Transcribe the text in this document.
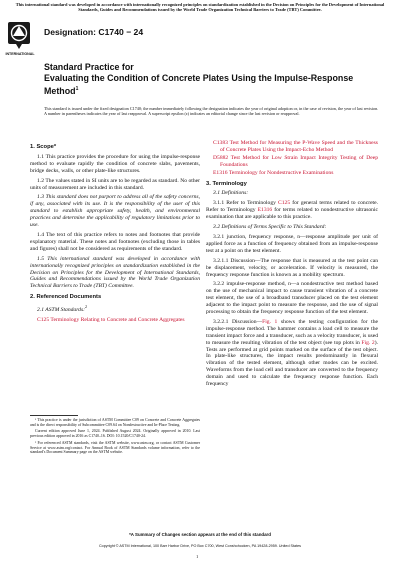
This international standard was developed in accordance with internationally recognized principles on standardization established in the Decision on Principles for the Development of International Standards, Guides and Recommendations issued by the World Trade Organization Technical Barriers to Trade (TBT) Committee.
INTERNATIONAL
Designation: C1740 − 24
Standard Practice for
Evaluating the Condition of Concrete Plates Using the Impulse-Response Method$^1$
This standard is issued under the fixed designation C1740; the number immediately following the designation indicates the year of original adoption or, in the case of revision, the year of last revision. A number in parentheses indicates the year of last reapproval. A superscript epsilon (ε) indicates an editorial change since the last revision or reapproval.
1. Scope*

1.1 This practice provides the procedure for using the impulse-response method to evaluate rapidly the condition of concrete slabs, pavements, bridge decks, walls, or other plate-like structures.

1.2 The values stated in SI units are to be regarded as standard. No other units of measurement are included in this standard.

1.3 This standard does not purport to address all of the safety concerns, if any, associated with its use. It is the responsibility of the user of this standard to establish appropriate safety, health, and environmental practices and determine the applicability of regulatory limitations prior to use.

1.4 The text of this practice refers to notes and footnotes that provide explanatory material. These notes and footnotes (excluding those in tables and figures) shall not be considered as requirements of the standard.

1.5 This international standard was developed in accordance with internationally recognized principles on standardization established in the Decision on Principles for the Development of International Standards, Guides and Recommendations issued by the World Trade Organization Technical Barriers to Trade (TBT) Committee.

2. Referenced Documents

2.1 ASTM Standards:$^2$

C125 Terminology Relating to Concrete and Concrete Aggregates

¹ This practice is under the jurisdiction of ASTM Committee C09 on Concrete and Concrete Aggregates and is the direct responsibility of Subcommittee C09.64 on Nondestructive and In-Place Testing.

Current edition approved June 1, 2024. Published August 2024. Originally approved in 2010. Last previous edition approved in 2016 as C1740–16. DOI: 10.1520/C1740-24.

² For referenced ASTM standards, visit the ASTM website, www.astm.org, or contact ASTM Customer Service at www.astm.org/contact. For Annual Book of ASTM Standards volume information, refer to the standard's Document Summary page on the ASTM website.

C1383 Test Method for Measuring the P-Wave Speed and the Thickness of Concrete Plates Using the Impact-Echo Method

D5882 Test Method for Low Strain Impact Integrity Testing of Deep Foundations

E1316 Terminology for Nondestructive Examinations

3. Terminology

3.1 Definitions:

3.1.1 Refer to Terminology C125 for general terms related to concrete. Refer to Terminology E1316 for terms related to nondestructive ultrasonic examination that are applicable to this practice.

3.2 Definitions of Terms Specific to This Standard:

3.2.1 junction, frequency response, n—response amplitude per unit of applied force as a function of frequency obtained from an impulse-response test at a point on the test element.

3.2.1.1 Discussion—The response that is measured at the test point can be displacement, velocity, or acceleration. If velocity is measured, the frequency response function is known as a mobility spectrum.

3.2.2 impulse-response method, n—a nondestructive test method based on the use of mechanical impact to cause transient vibration of a concrete test element, the use of a broadband transducer placed on the test element adjacent to the impact point to measure the response, and the use of signal processing to obtain the frequency response function of the test element.

3.2.2.1 Discussion—Fig. 1 shows the testing configuration for the impulse-response method. The hammer contains a load cell to measure the transient impact force and a transducer, such as a velocity transducer, is used to measure the resulting vibration of the test object (see top plots in Fig. 2). Tests are performed at grid points marked on the surface of the test object. In plate-like structures, the impact results predominantly in flexural vibration of the tested element, although other modes can be excited. Waveforms from the load cell and transducer are converted to the frequency domain and used to calculate the frequency response function. Each frequency

*A Summary of Changes section appears at the end of this standard
Copyright © ASTM International, 100 Barr Harbor Drive, PO Box C700, West Conshohocken, PA 19428-2959. United States
1
